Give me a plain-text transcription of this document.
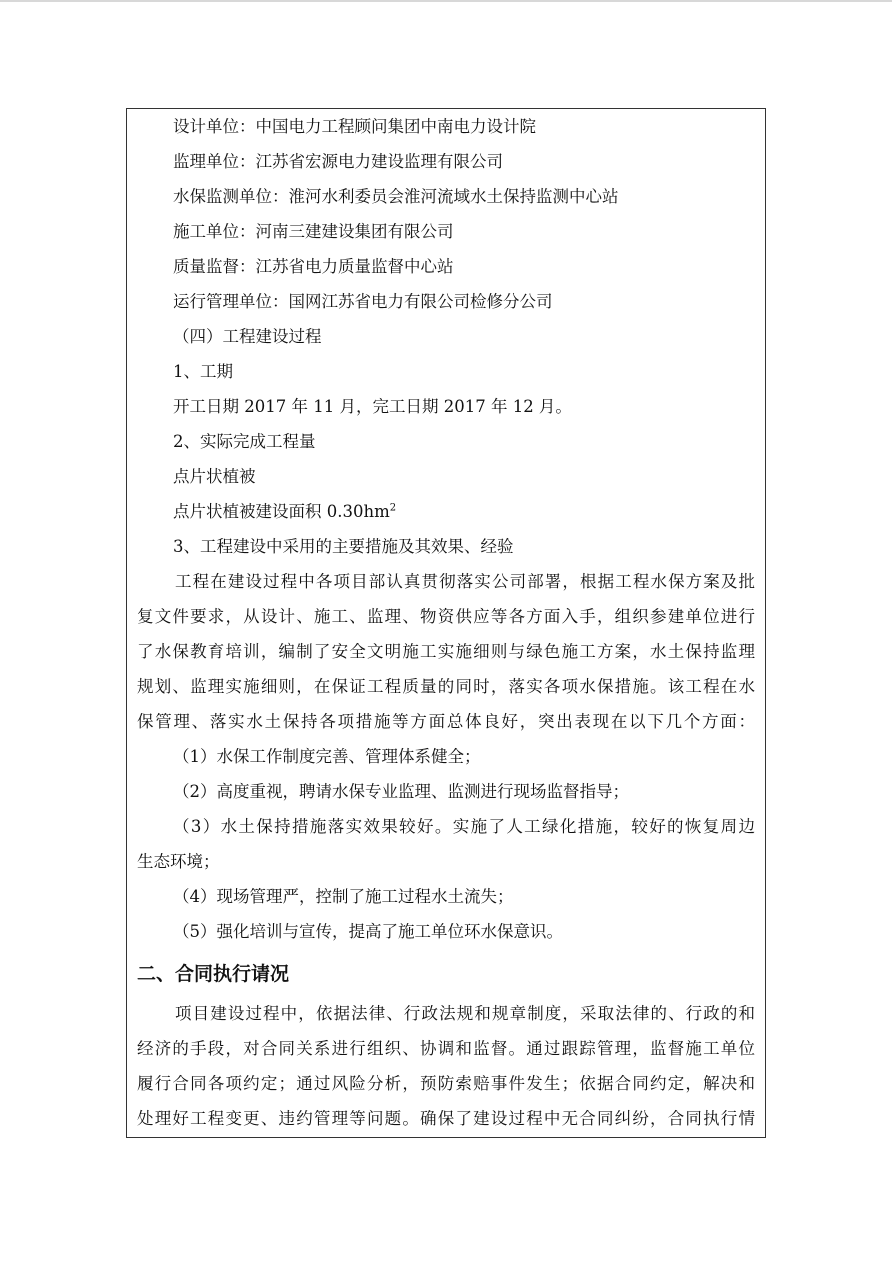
设计单位：中国电力工程顾问集团中南电力设计院
监理单位：江苏省宏源电力建设监理有限公司
水保监测单位：淮河水利委员会淮河流域水土保持监测中心站
施工单位：河南三建建设集团有限公司
质量监督：江苏省电力质量监督中心站
运行管理单位：国网江苏省电力有限公司检修分公司
（四）工程建设过程
1、工期
开工日期 2017 年 11 月，完工日期 2017 年 12 月。
2、实际完成工程量
点片状植被
点片状植被建设面积 $0.30hm^2$
3、工程建设中采用的主要措施及其效果、经验
工程在建设过程中各项目部认真贯彻落实公司部署，根据工程水保方案及批
复文件要求，从设计、施工、监理、物资供应等各方面入手，组织参建单位进行
了水保教育培训，编制了安全文明施工实施细则与绿色施工方案，水土保持监理
规划、监理实施细则，在保证工程质量的同时，落实各项水保措施。该工程在水
保管理、落实水土保持各项措施等方面总体良好，突出表现在以下几个方面：
（1）水保工作制度完善、管理体系健全；
（2）高度重视，聘请水保专业监理、监测进行现场监督指导；
（3）水土保持措施落实效果较好。实施了人工绿化措施，较好的恢复周边
生态环境；
（4）现场管理严，控制了施工过程水土流失；
（5）强化培训与宣传，提高了施工单位环水保意识。
二、合同执行请况
项目建设过程中，依据法律、行政法规和规章制度，采取法律的、行政的和
经济的手段，对合同关系进行组织、协调和监督。通过跟踪管理，监督施工单位
履行合同各项约定；通过风险分析，预防索赔事件发生；依据合同约定，解决和
处理好工程变更、违约管理等问题。确保了建设过程中无合同纠纷，合同执行情
